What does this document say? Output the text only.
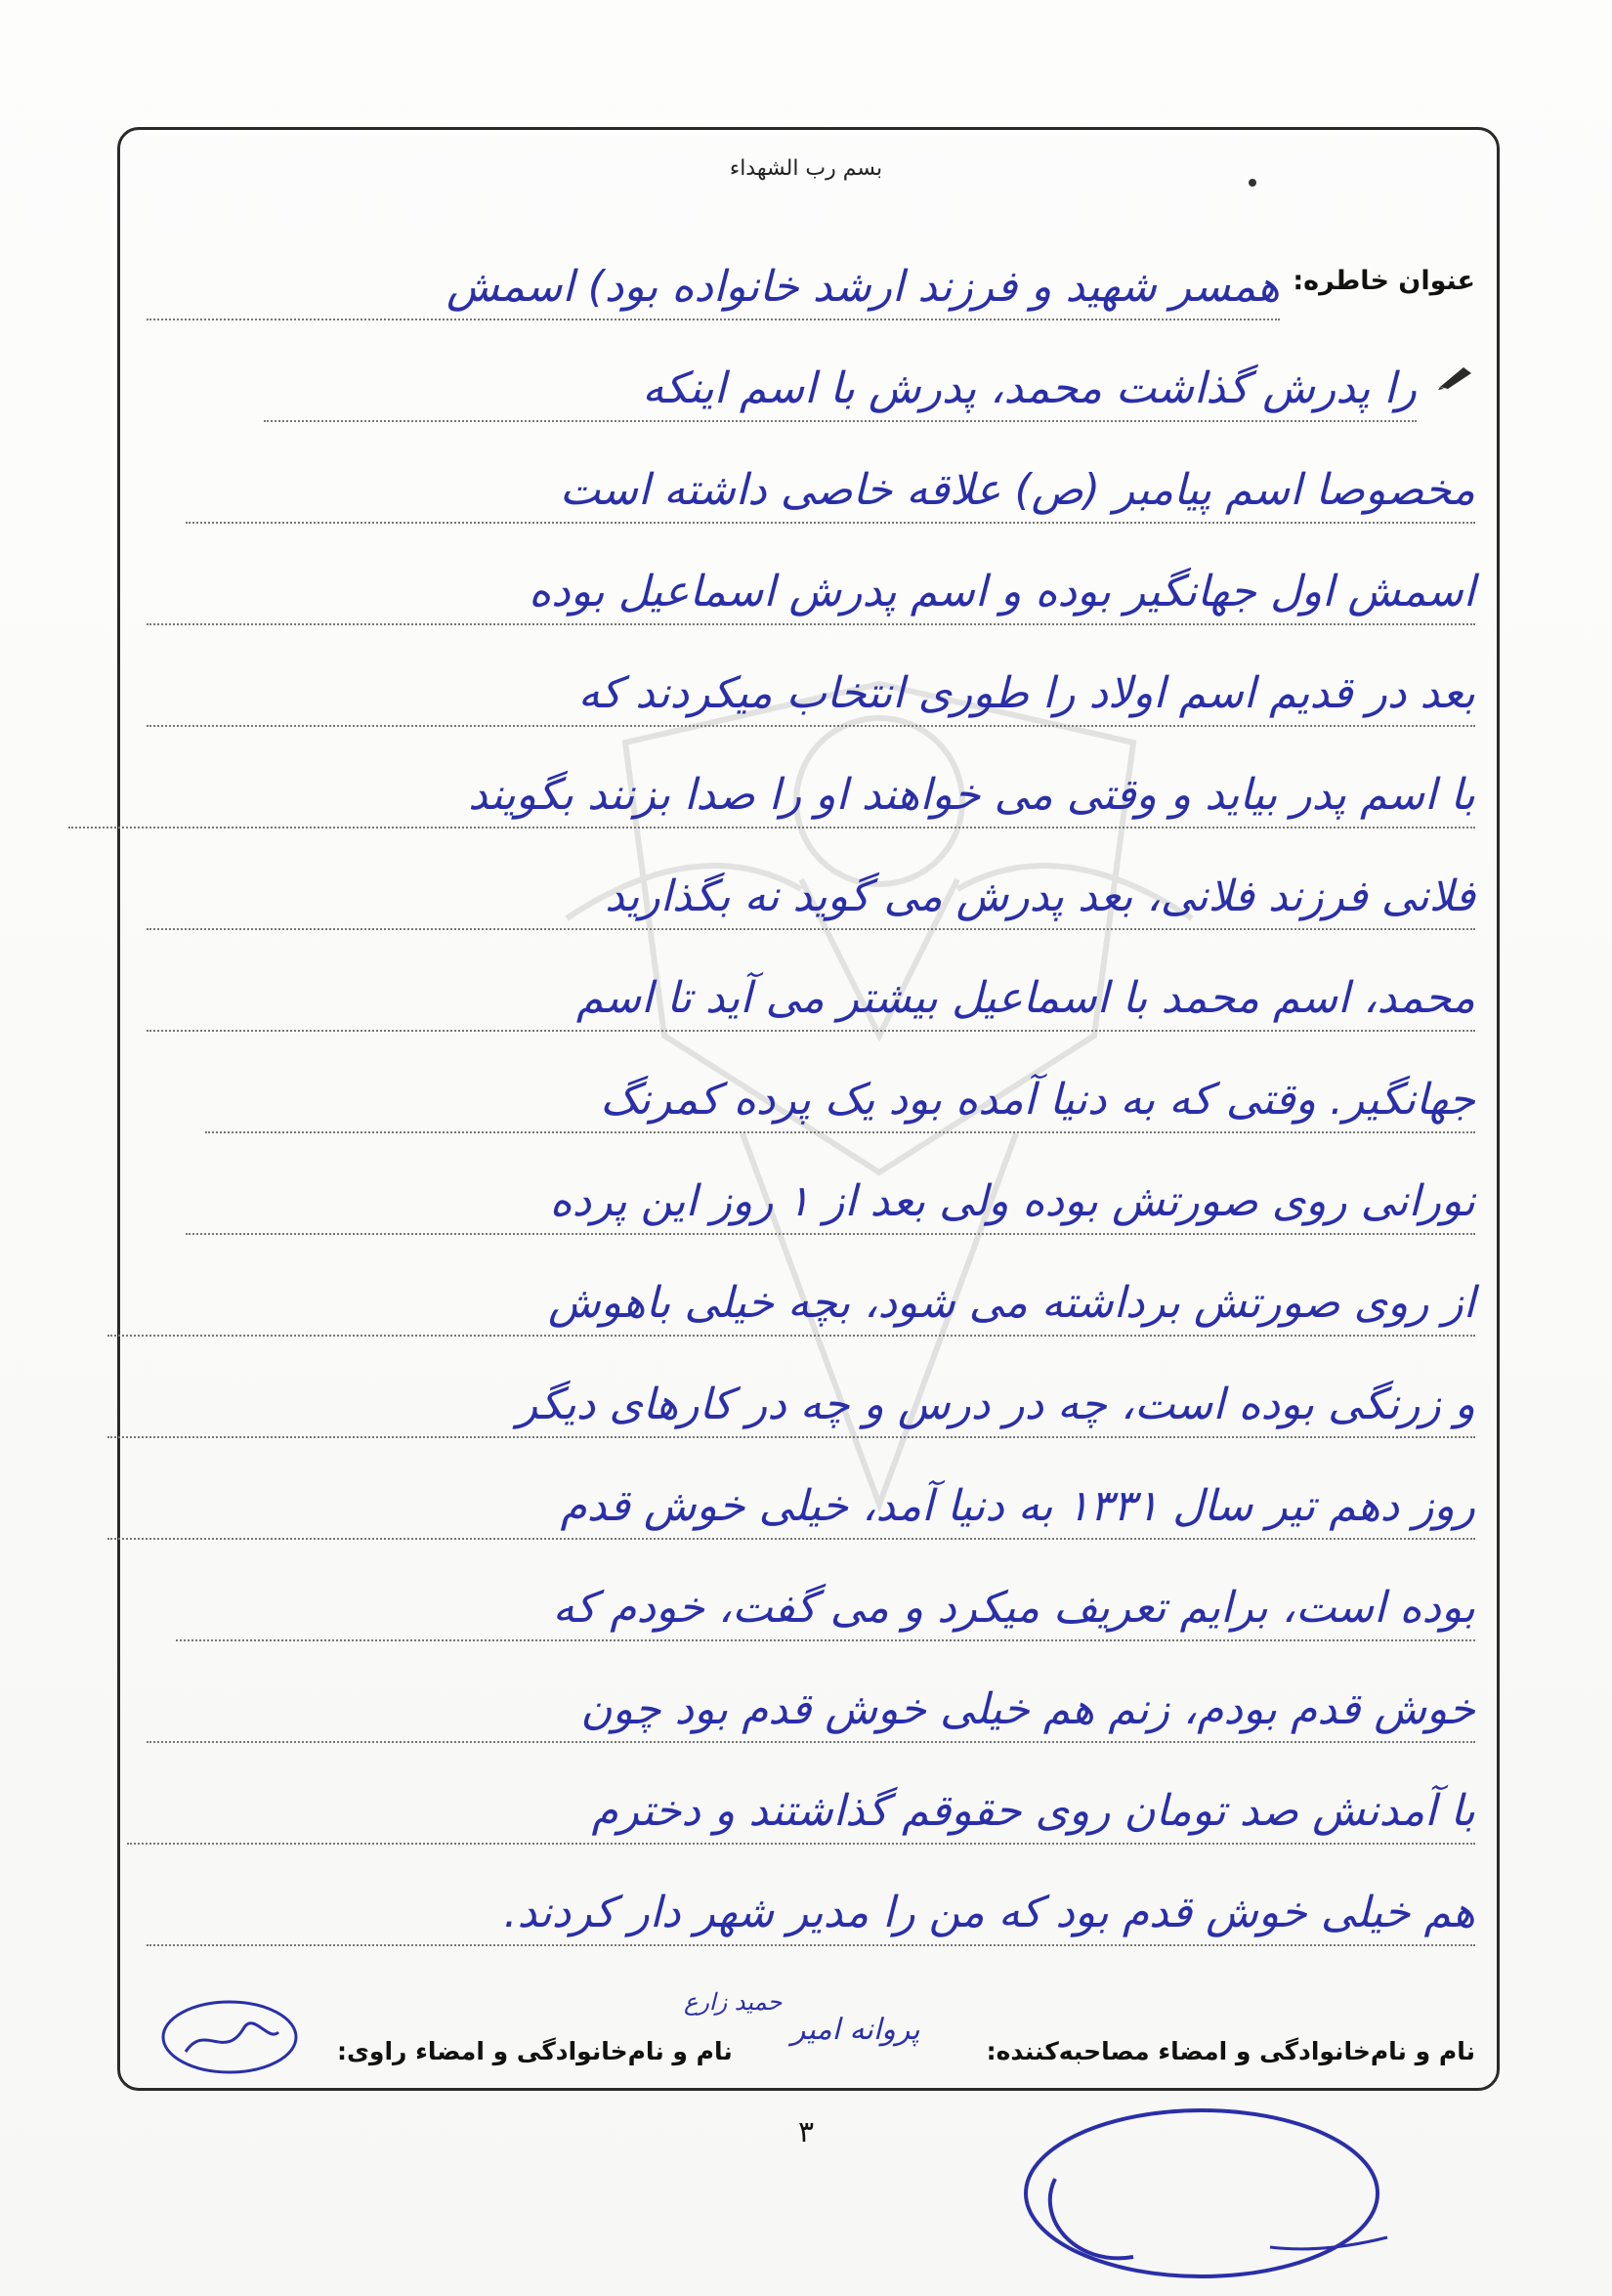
بسم رب الشهداء
عنوان خاطره:
همسر شهید و فرزند ارشد خانواده بود) اسمش
را پدرش گذاشت محمد، پدرش با اسم اینکه
مخصوصا اسم پیامبر (ص) علاقه خاصی داشته است
اسمش اول جهانگیر بوده و اسم پدرش اسماعیل بوده
بعد در قدیم اسم اولاد را طوری انتخاب میکردند که
با اسم پدر بیاید و وقتی می خواهند او را صدا بزنند بگویند
فلانی فرزند فلانی، بعد پدرش می گوید نه بگذارید
محمد، اسم محمد با اسماعیل بیشتر می آید تا اسم
جهانگیر. وقتی که به دنیا آمده بود یک پرده کمرنگ
نورانی روی صورتش بوده ولی بعد از ۱ روز این پرده
از روی صورتش برداشته می شود، بچه خیلی باهوش
و زرنگی بوده است، چه در درس و چه در کارهای دیگر
روز دهم تیر سال ۱۳۳۱ به دنیا آمد، خیلی خوش قدم
بوده است، برایم تعریف میکرد و می گفت، خودم که
خوش قدم بودم، زنم هم خیلی خوش قدم بود چون
با آمدنش صد تومان روی حقوقم گذاشتند و دخترم
هم خیلی خوش قدم بود که من را مدیر شهر دار کردند.
نام و نام‌خانوادگی و امضاء مصاحبه‌کننده:
پروانه امیر $^{حمید زارع}$
نام و نام‌خانوادگی و امضاء راوی:
۳
